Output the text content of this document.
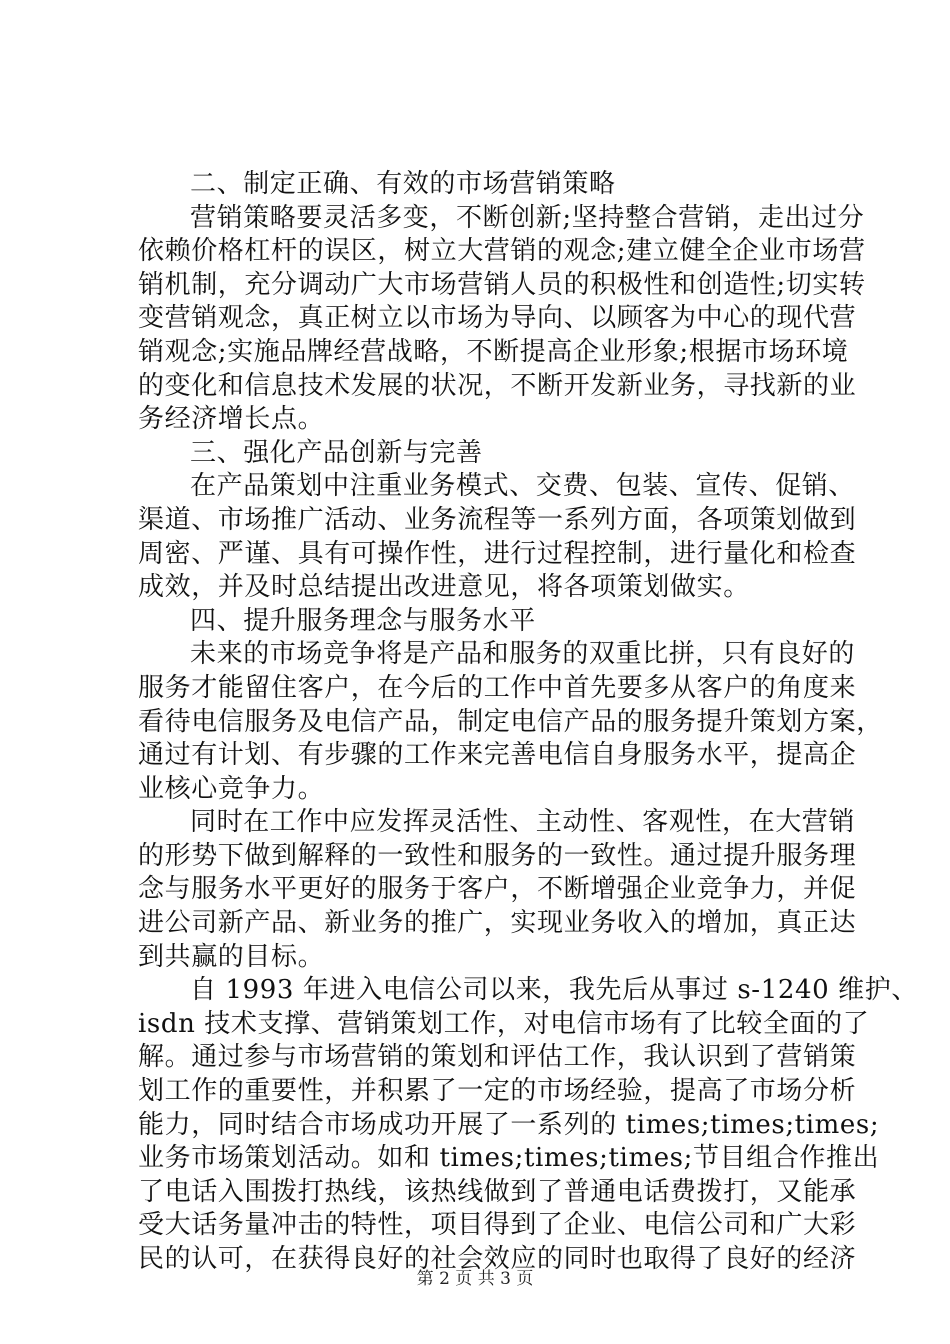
二、制定正确、有效的市场营销策略
营销策略要灵活多变，不断创新;坚持整合营销，走出过分
依赖价格杠杆的误区，树立大营销的观念;建立健全企业市场营
销机制，充分调动广大市场营销人员的积极性和创造性;切实转
变营销观念，真正树立以市场为导向、以顾客为中心的现代营
销观念;实施品牌经营战略，不断提高企业形象;根据市场环境
的变化和信息技术发展的状况，不断开发新业务，寻找新的业
务经济增长点。
三、强化产品创新与完善
在产品策划中注重业务模式、交费、包装、宣传、促销、
渠道、市场推广活动、业务流程等一系列方面，各项策划做到
周密、严谨、具有可操作性，进行过程控制，进行量化和检查
成效，并及时总结提出改进意见，将各项策划做实。
四、提升服务理念与服务水平
未来的市场竞争将是产品和服务的双重比拼，只有良好的
服务才能留住客户，在今后的工作中首先要多从客户的角度来
看待电信服务及电信产品，制定电信产品的服务提升策划方案，
通过有计划、有步骤的工作来完善电信自身服务水平，提高企
业核心竞争力。
同时在工作中应发挥灵活性、主动性、客观性，在大营销
的形势下做到解释的一致性和服务的一致性。通过提升服务理
念与服务水平更好的服务于客户，不断增强企业竞争力，并促
进公司新产品、新业务的推广，实现业务收入的增加，真正达
到共赢的目标。
自 1993 年进入电信公司以来，我先后从事过 s-1240 维护、
isdn 技术支撑、营销策划工作，对电信市场有了比较全面的了
解。通过参与市场营销的策划和评估工作，我认识到了营销策
划工作的重要性，并积累了一定的市场经验，提高了市场分析
能力，同时结合市场成功开展了一系列的 times;times;times;
业务市场策划活动。如和 times;times;times;节目组合作推出
了电话入围拨打热线，该热线做到了普通电话费拨打，又能承
受大话务量冲击的特性，项目得到了企业、电信公司和广大彩
民的认可，在获得良好的社会效应的同时也取得了良好的经济
第 2 页 共 3 页
